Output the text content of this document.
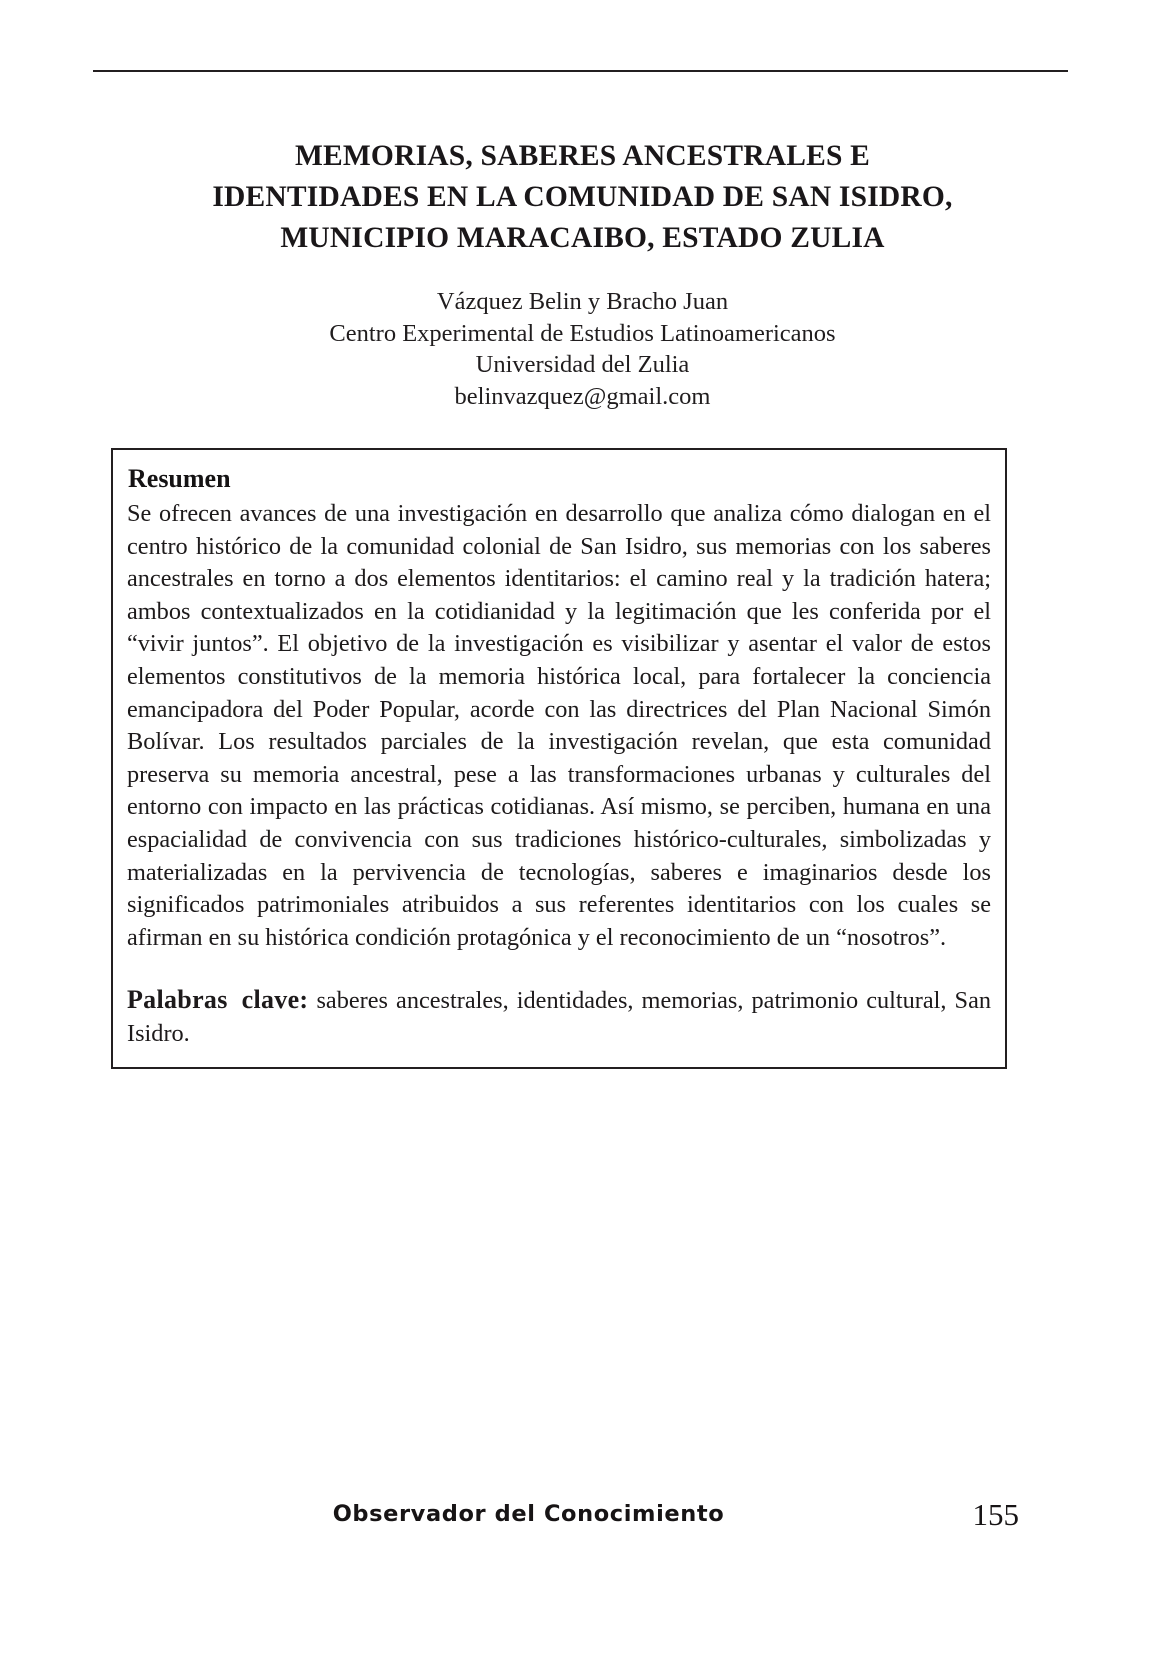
MEMORIAS, SABERES ANCESTRALES E
IDENTIDADES EN LA COMUNIDAD DE SAN ISIDRO,
MUNICIPIO MARACAIBO, ESTADO ZULIA
Vázquez Belin y Bracho Juan
Centro Experimental de Estudios Latinoamericanos
Universidad del Zulia
belinvazquez@gmail.com
Resumen

Se ofrecen avances de una investigación en desarrollo que analiza cómo dialogan en el centro histórico de la comunidad colonial de San Isidro, sus memorias con los saberes ancestrales en torno a dos elementos identitarios: el camino real y la tradición hatera; ambos contextualizados en la cotidianidad y la legitimación que les conferida por el “vivir juntos”. El objetivo de la investigación es visibilizar y asentar el valor de estos elementos constitutivos de la memoria histórica local, para fortalecer la conciencia emancipadora del Poder Popular, acorde con las directrices del Plan Nacional Simón Bolívar. Los resultados parciales de la investigación revelan, que esta comunidad preserva su memoria ancestral, pese a las transformaciones urbanas y culturales del entorno con impacto en las prácticas cotidianas. Así mismo, se perciben, humana en una espacialidad de convivencia con sus tradiciones histórico-culturales, simbolizadas y materializadas en la pervivencia de tecnologías, saberes e imaginarios desde los significados patrimoniales atribuidos a sus referentes identitarios con los cuales se afirman en su histórica condición protagónica y el reconocimiento de un “nosotros”.

Palabras clave: saberes ancestrales, identidades, memorias, patrimonio cultural, San Isidro.

Observador del Conocimiento	155
